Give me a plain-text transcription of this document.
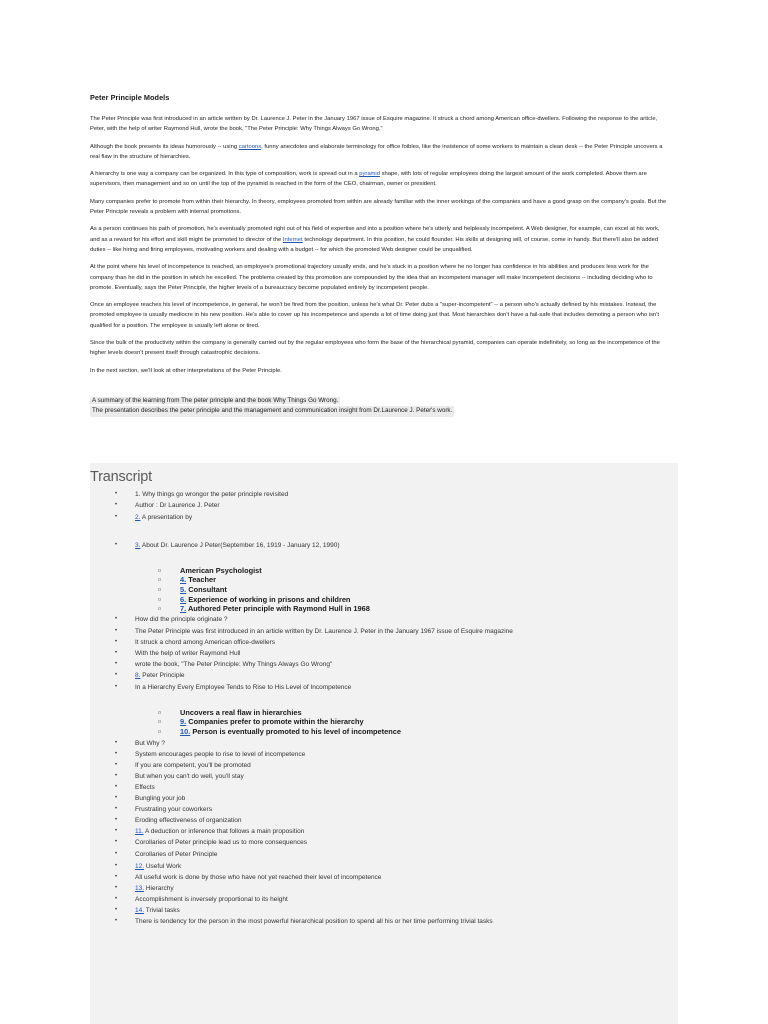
Peter Principle Models

The Peter Principle was first introduced in an article written by Dr. Laurence J. Peter in the January 1967 issue of Esquire magazine. It struck a chord among American office-dwellers. Following the response to the article, Peter, with the help of writer Raymond Hull, wrote the book, "The Peter Principle: Why Things Always Go Wrong."

Although the book presents its ideas humorously -- using cartoons, funny anecdotes and elaborate terminology for office foibles, like the insistence of some workers to maintain a clean desk -- the Peter Principle uncovers a real flaw in the structure of hierarchies.

A hierarchy is one way a company can be organized. In this type of composition, work is spread out in a pyramid shape, with lots of regular employees doing the largest amount of the work completed. Above them are supervisors, then management and so on until the top of the pyramid is reached in the form of the CEO, chairman, owner or president.

Many companies prefer to promote from within their hierarchy. In theory, employees promoted from within are already familiar with the inner workings of the companies and have a good grasp on the company's goals. But the Peter Principle reveals a problem with internal promotions.

As a person continues his path of promotion, he's eventually promoted right out of his field of expertise and into a position where he's utterly and helplessly incompetent. A Web designer, for example, can excel at his work, and as a reward for his effort and skill might be promoted to director of the Internet technology department. In this position, he could flounder. His skills at designing will, of course, come in handy. But there'll also be added duties -- like hiring and firing employees, motivating workers and dealing with a budget -- for which the promoted Web designer could be unqualified.

At the point where his level of incompetence is reached, an employee's promotional trajectory usually ends, and he's stuck in a position where he no longer has confidence in his abilities and produces less work for the company than he did in the position in which he excelled. The problems created by this promotion are compounded by the idea that an incompetent manager will make incompetent decisions -- including deciding who to promote. Eventually, says the Peter Principle, the higher levels of a bureaucracy become populated entirely by incompetent people.

Once an employee reaches his level of incompetence, in general, he won't be fired from the position, unless he's what Dr. Peter dubs a "super-incompetent" -- a person who's actually defined by his mistakes. Instead, the promoted employee is usually mediocre in his new position. He's able to cover up his incompetence and spends a lot of time doing just that. Most hierarchies don't have a fail-safe that includes demoting a person who isn't qualified for a position. The employee is usually left alone or tired.

Since the bulk of the productivity within the company is generally carried out by the regular employees who form the base of the hierarchical pyramid, companies can operate indefinitely, so long as the incompetence of the higher levels doesn't present itself through catastrophic decisions.

In the next section, we'll look at other interpretations of the Peter Principle.

A summary of the learning from The peter principle and the book Why Things Go Wrong.
The presentation describes the peter principle and the management and communication insight from Dr.Laurence J. Peter's work.
Transcript
•	1. Why things go wrongor the peter principle revisited
•	Author : Dr Laurence J. Peter
•	2. A presentation by
•	3. About Dr. Laurence J Peter(September 16, 1919 - January 12, 1990)
o	American Psychologist
o	4. Teacher
o	5. Consultant
o	6. Experience of working in prisons and children
o	7. Authored Peter principle with Raymond Hull in 1968
•	How did the principle originate ?
•	The Peter Principle was first introduced in an article written by Dr. Laurence J. Peter in the January 1967 issue of Esquire magazine
•	It struck a chord among American office-dwellers
•	With the help of writer Raymond Hull
•	wrote the book, "The Peter Principle: Why Things Always Go Wrong"
•	8. Peter Principle
•	In a Hierarchy Every Employee Tends to Rise to His Level of Incompetence
o	Uncovers a real flaw in hierarchies
o	9. Companies prefer to promote within the hierarchy
o	10. Person is eventually promoted to his level of incompetence
•	But Why ?
•	System encourages people to rise to level of incompetence
•	If you are competent, you'll be promoted
•	But when you can't do well, you'll stay
•	Effects
•	Bungling your job
•	Frustrating your coworkers
•	Eroding effectiveness of organization
•	11. A deduction or inference that follows a main proposition
•	Corollaries of Peter principle lead us to more consequences
•	Corollaries of Peter Principle
•	12. Useful Work
•	All useful work is done by those who have not yet reached their level of incompetence
•	13. Hierarchy
•	Accomplishment is inversely proportional to its height
•	14. Trivial tasks
•	There is tendency for the person in the most powerful hierarchical position to spend all his or her time performing trivial tasks
